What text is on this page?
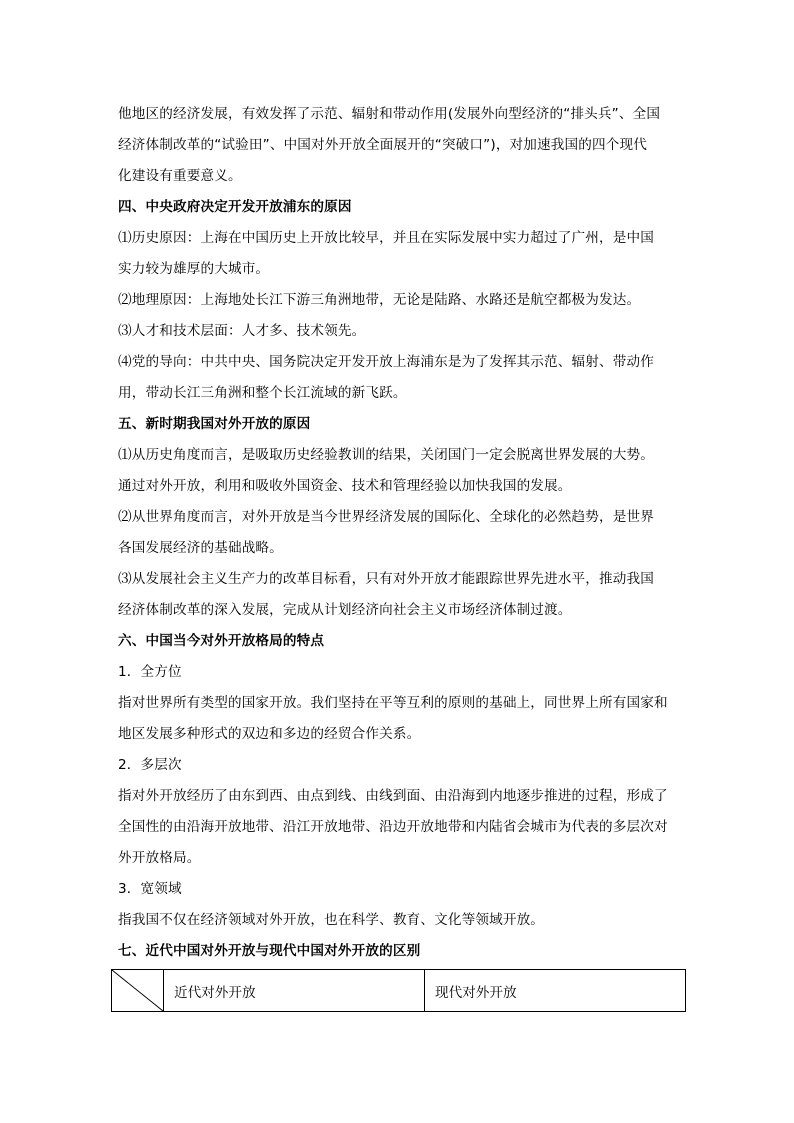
他地区的经济发展，有效发挥了示范、辐射和带动作用(发展外向型经济的“排头兵”、全国
经济体制改革的“试验田”、中国对外开放全面展开的“突破口”)，对加速我国的四个现代
化建设有重要意义。
四、中央政府决定开发开放浦东的原因
⑴历史原因：上海在中国历史上开放比较早，并且在实际发展中实力超过了广州，是中国
实力较为雄厚的大城市。
⑵地理原因：上海地处长江下游三角洲地带，无论是陆路、水路还是航空都极为发达。
⑶人才和技术层面：人才多、技术领先。
⑷党的导向：中共中央、国务院决定开发开放上海浦东是为了发挥其示范、辐射、带动作
用，带动长江三角洲和整个长江流域的新飞跃。
五、新时期我国对外开放的原因
⑴从历史角度而言，是吸取历史经验教训的结果，关闭国门一定会脱离世界发展的大势。
通过对外开放，利用和吸收外国资金、技术和管理经验以加快我国的发展。
⑵从世界角度而言，对外开放是当今世界经济发展的国际化、全球化的必然趋势，是世界
各国发展经济的基础战略。
⑶从发展社会主义生产力的改革目标看，只有对外开放才能跟踪世界先进水平，推动我国
经济体制改革的深入发展，完成从计划经济向社会主义市场经济体制过渡。
六、中国当今对外开放格局的特点
1．全方位
指对世界所有类型的国家开放。我们坚持在平等互利的原则的基础上，同世界上所有国家和
地区发展多种形式的双边和多边的经贸合作关系。
2．多层次
指对外开放经历了由东到西、由点到线、由线到面、由沿海到内地逐步推进的过程，形成了
全国性的由沿海开放地带、沿江开放地带、沿边开放地带和内陆省会城市为代表的多层次对
外开放格局。
3．宽领域
指我国不仅在经济领域对外开放，也在科学、教育、文化等领域开放。
七、近代中国对外开放与现代中国对外开放的区别
	近代对外开放	现代对外开放
